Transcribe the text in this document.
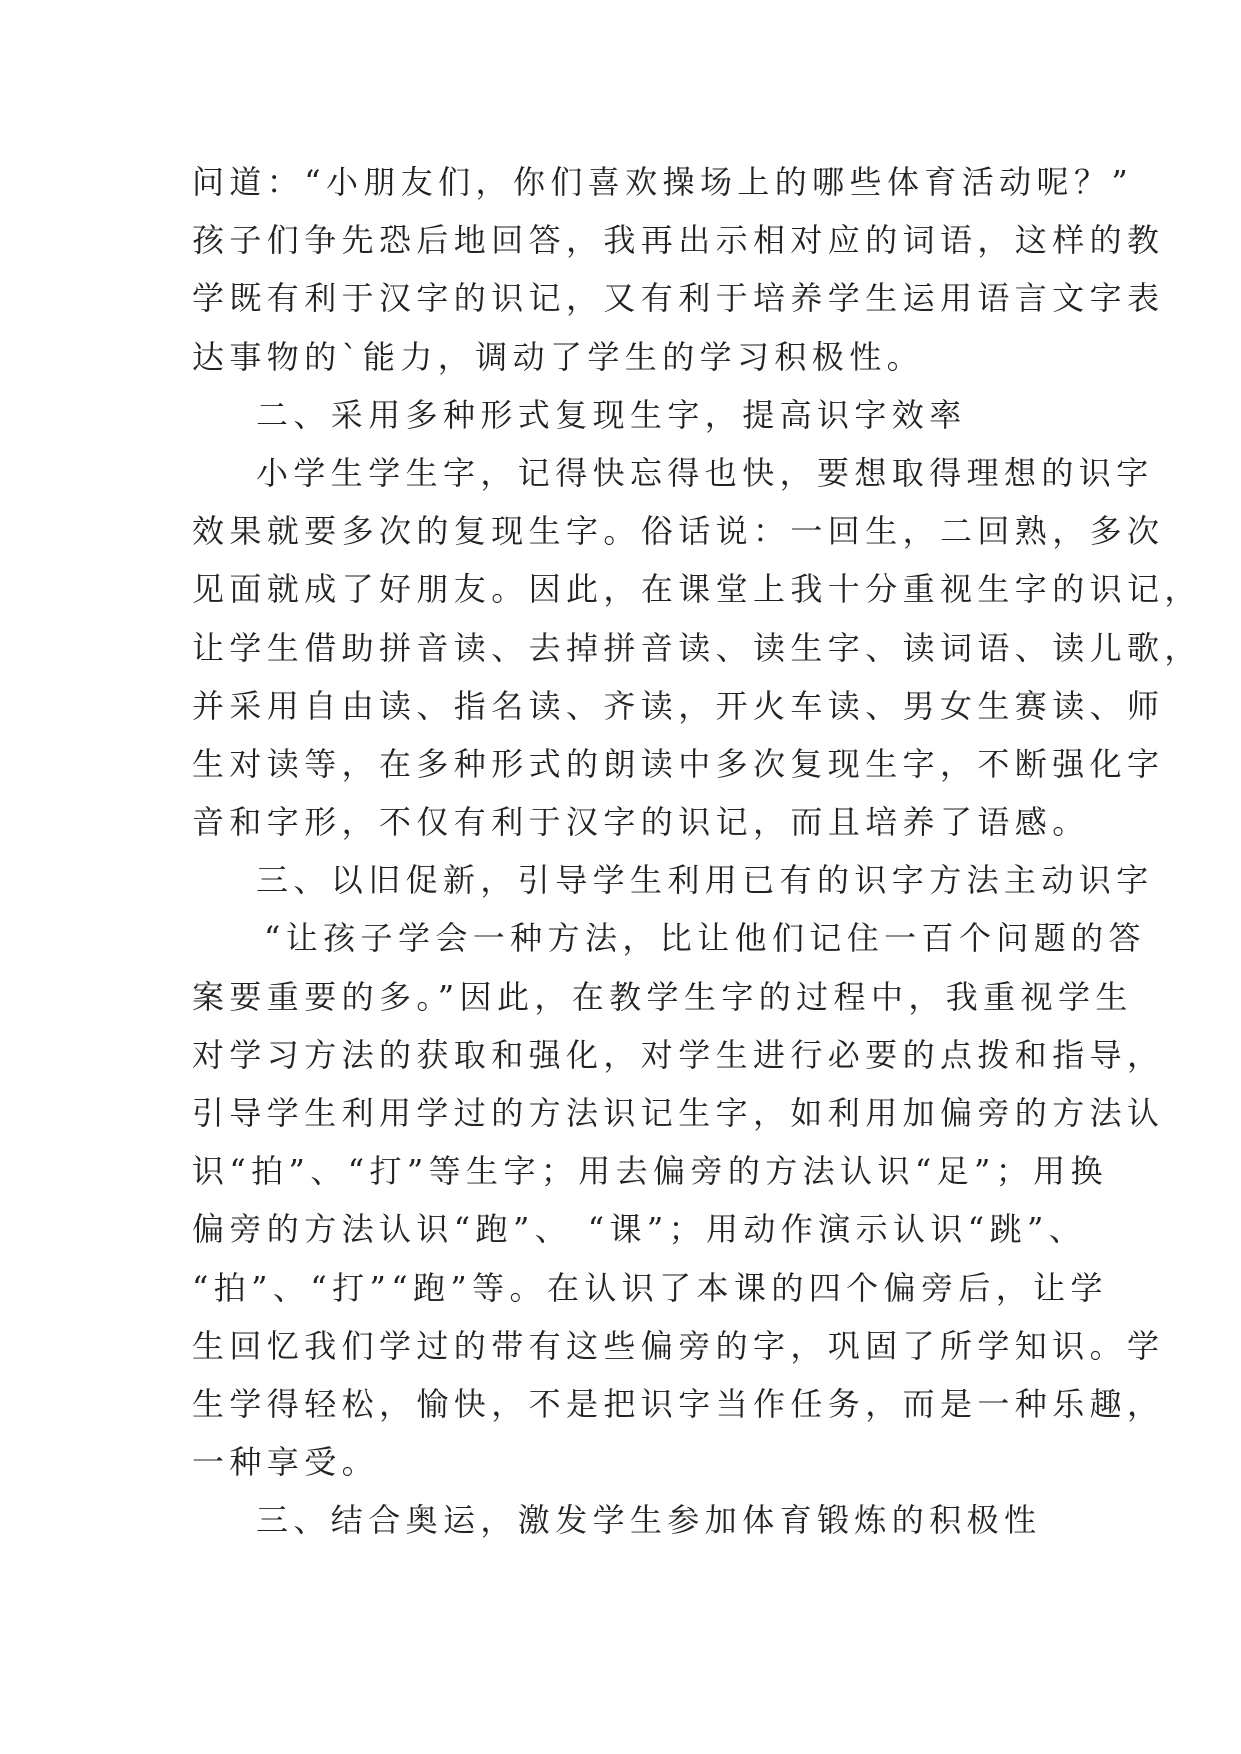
问道：“小朋友们，你们喜欢操场上的哪些体育活动呢？”
孩子们争先恐后地回答，我再出示相对应的词语，这样的教
学既有利于汉字的识记，又有利于培养学生运用语言文字表
达事物的`能力，调动了学生的学习积极性。
二、采用多种形式复现生字，提高识字效率
小学生学生字，记得快忘得也快，要想取得理想的识字
效果就要多次的复现生字。俗话说：一回生，二回熟，多次
见面就成了好朋友。因此，在课堂上我十分重视生字的识记，
让学生借助拼音读、去掉拼音读、读生字、读词语、读儿歌，
并采用自由读、指名读、齐读，开火车读、男女生赛读、师
生对读等，在多种形式的朗读中多次复现生字，不断强化字
音和字形，不仅有利于汉字的识记，而且培养了语感。
三、以旧促新，引导学生利用已有的识字方法主动识字
“让孩子学会一种方法，比让他们记住一百个问题的答
案要重要的多。”因此，在教学生字的过程中，我重视学生
对学习方法的获取和强化，对学生进行必要的点拨和指导，
引导学生利用学过的方法识记生字，如利用加偏旁的方法认
识“拍”、“打”等生字；用去偏旁的方法认识“足”；用换
偏旁的方法认识“跑”、 “课”；用动作演示认识“跳”、
“拍”、“打”“跑”等。在认识了本课的四个偏旁后，让学
生回忆我们学过的带有这些偏旁的字，巩固了所学知识。学
生学得轻松，愉快，不是把识字当作任务，而是一种乐趣，
一种享受。
三、结合奥运，激发学生参加体育锻炼的积极性
